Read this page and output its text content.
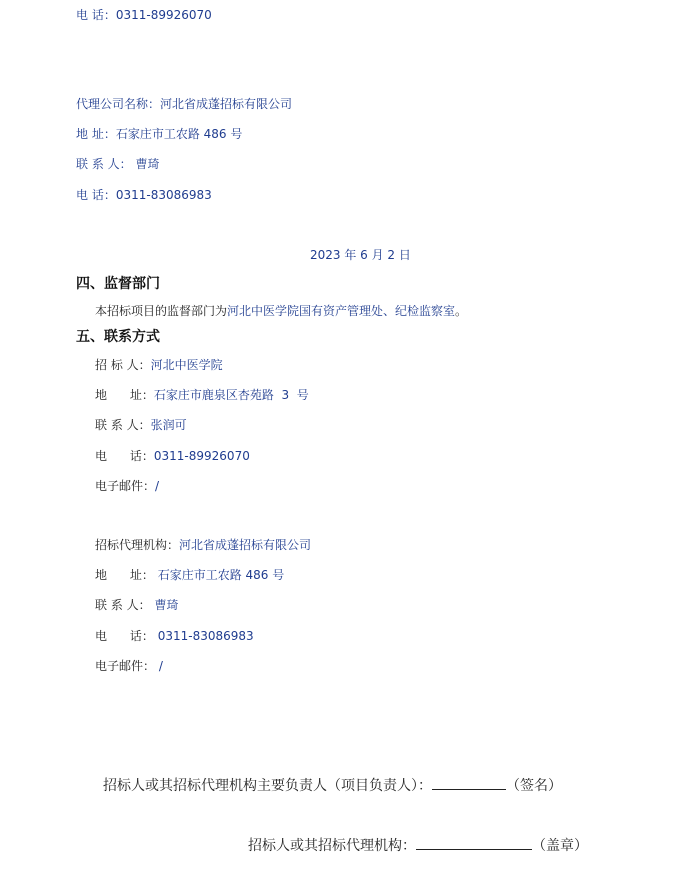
电 话：0311-89926070
代理公司名称：河北省成蓬招标有限公司
地 址：石家庄市工农路 486 号
联 系 人： 曹琦
电 话：0311-83086983
2023 年 6 月 2 日
四、监督部门
本招标项目的监督部门为河北中医学院国有资产管理处、纪检监察室。
五、联系方式
招 标 人：河北中医学院
地      址：石家庄市鹿泉区杏苑路  3  号
联 系 人：张润可
电      话：0311-89926070
电子邮件：/
招标代理机构：河北省成蓬招标有限公司
地      址： 石家庄市工农路 486 号
联 系 人： 曹琦
电      话： 0311-83086983
电子邮件： /
招标人或其招标代理机构主要负责人（项目负责人）：	（签名）
招标人或其招标代理机构：	（盖章）
